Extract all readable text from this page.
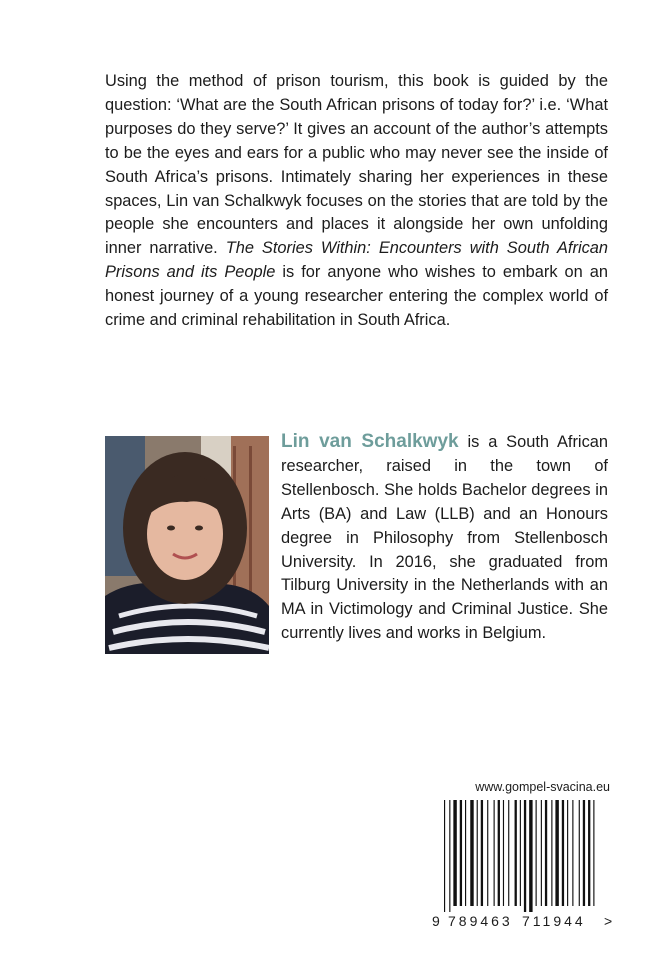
Using the method of prison tourism, this book is guided by the question: ‘What are the South African prisons of today for?’ i.e. ‘What purposes do they serve?’ It gives an account of the author’s attempts to be the eyes and ears for a public who may never see the inside of South Africa’s prisons. Intimately sharing her experiences in these spaces, Lin van Schalkwyk focuses on the stories that are told by the people she encounters and places it alongside her own unfolding inner narrative. The Stories Within: Encounters with South African Prisons and its People is for anyone who wishes to embark on an honest journey of a young researcher entering the complex world of crime and criminal rehabilitation in South Africa.

Lin van Schalkwyk is a South African researcher, raised in the town of Stellenbosch. She holds Bachelor degrees in Arts (BA) and Law (LLB) and an Honours degree in Philosophy from Stellenbosch University. In 2016, she graduated from Tilburg University in the Netherlands with an MA in Victimology and Criminal Justice. She currently lives and works in Belgium.

www.gompel-svacina.eu

9 789463 711944 >
